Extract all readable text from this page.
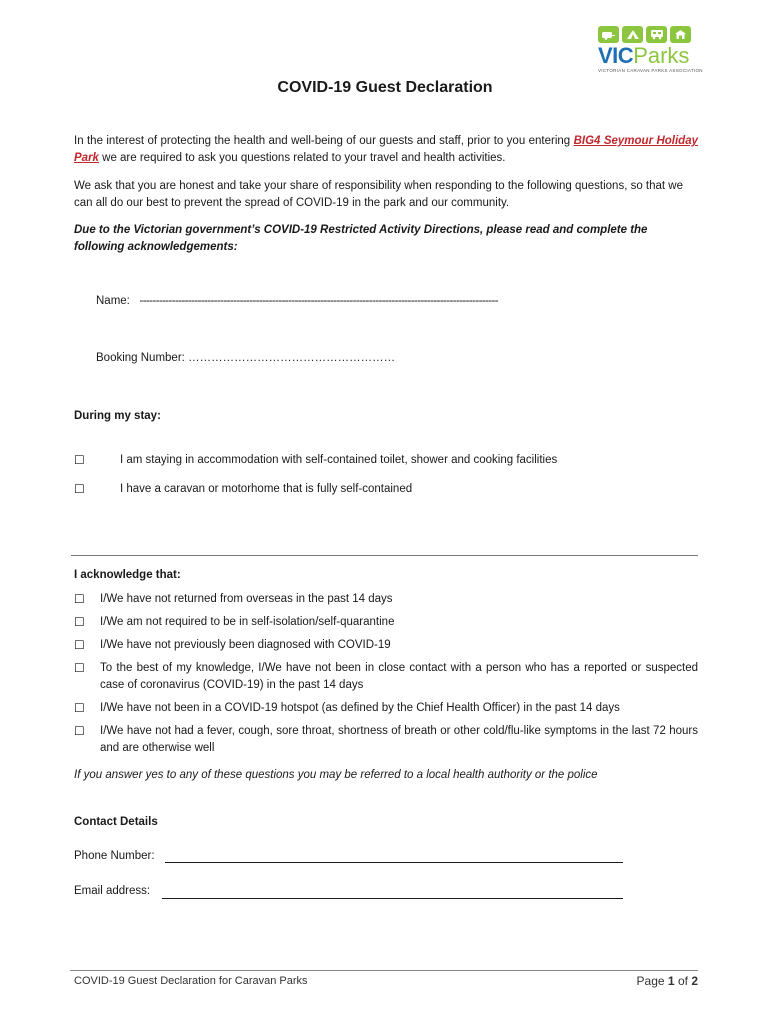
VICParks
VICTORIAN CARAVAN PARKS ASSOCIATION
COVID-19 Guest Declaration
In the interest of protecting the health and well-being of our guests and staff, prior to you entering BIG4 Seymour Holiday Park we are required to ask you questions related to your travel and health activities.
We ask that you are honest and take your share of responsibility when responding to the following questions, so that we can all do our best to prevent the spread of COVID-19 in the park and our community.
Due to the Victorian government’s COVID-19 Restricted Activity Directions, please read and complete the following acknowledgements:
Name: ---------------------------------------------------------------------------------------------------------------
Booking Number: ………………………………………………
During my stay:
☐	I am staying in accommodation with self-contained toilet, shower and cooking facilities
☐	I have a caravan or motorhome that is fully self-contained
I acknowledge that:
☐ I/We have not returned from overseas in the past 14 days
☐ I/We am not required to be in self-isolation/self-quarantine
☐ I/We have not previously been diagnosed with COVID-19
☐ To the best of my knowledge, I/We have not been in close contact with a person who has a reported or suspected case of coronavirus (COVID-19) in the past 14 days
☐ I/We have not been in a COVID-19 hotspot (as defined by the Chief Health Officer) in the past 14 days
☐ I/We have not had a fever, cough, sore throat, shortness of breath or other cold/flu-like symptoms in the last 72 hours and are otherwise well
If you answer yes to any of these questions you may be referred to a local health authority or the police
Contact Details
Phone Number:
Email address:
COVID-19 Guest Declaration for Caravan Parks	Page 1 of 2
